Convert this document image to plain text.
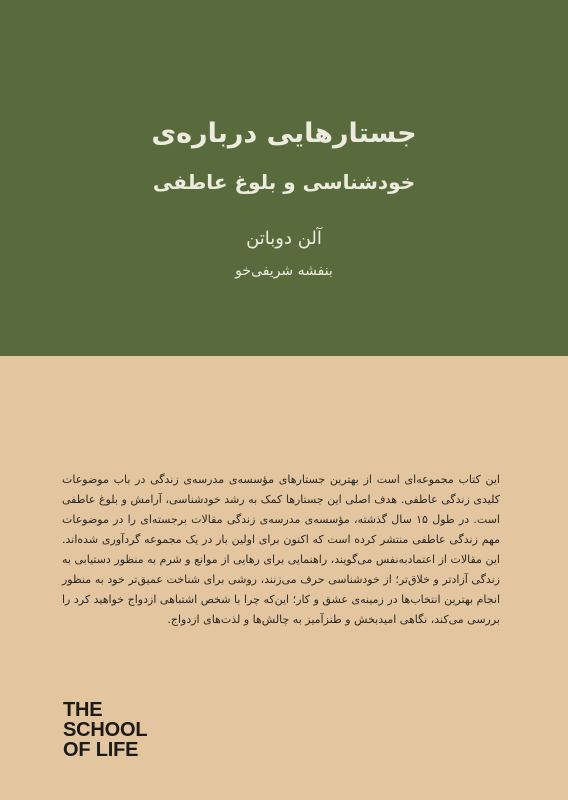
جستارهایی درباره‌ی
خودشناسی و بلوغ عاطفی
آلن دوباتن
بنفشه شریفی‌خو

این کتاب مجموعه‌ای است از بهترین جستارهای مؤسسه‌ی مدرسه‌ی زندگی در باب موضوعات کلیدی زندگی عاطفی. هدف اصلی این جستارها کمک به رشد خودشناسی، آرامش و بلوغ عاطفی است. در طول ۱۵ سال گذشته، مؤسسه‌ی مدرسه‌ی زندگی مقالات برجسته‌ای را در موضوعات مهم زندگی عاطفی منتشر کرده است که اکنون برای اولین بار در یک مجموعه گردآوری شده‌اند. این مقالات از اعتمادبه‌نفس می‌گویند، راهنمایی برای رهایی از موانع و شرم به منظور دستیابی به زندگی آزادتر و خلاق‌تر؛ از خودشناسی حرف می‌زنند، روشی برای شناخت عمیق‌تر خود به منظور انجام بهترین انتخاب‌ها در زمینه‌ی عشق و کار؛ این‌که چرا با شخص اشتباهی ازدواج خواهید کرد را بررسی می‌کند، نگاهی امیدبخش و طنزآمیز به چالش‌ها و لذت‌های ازدواج.

THE
SCHOOL
OF LIFE
